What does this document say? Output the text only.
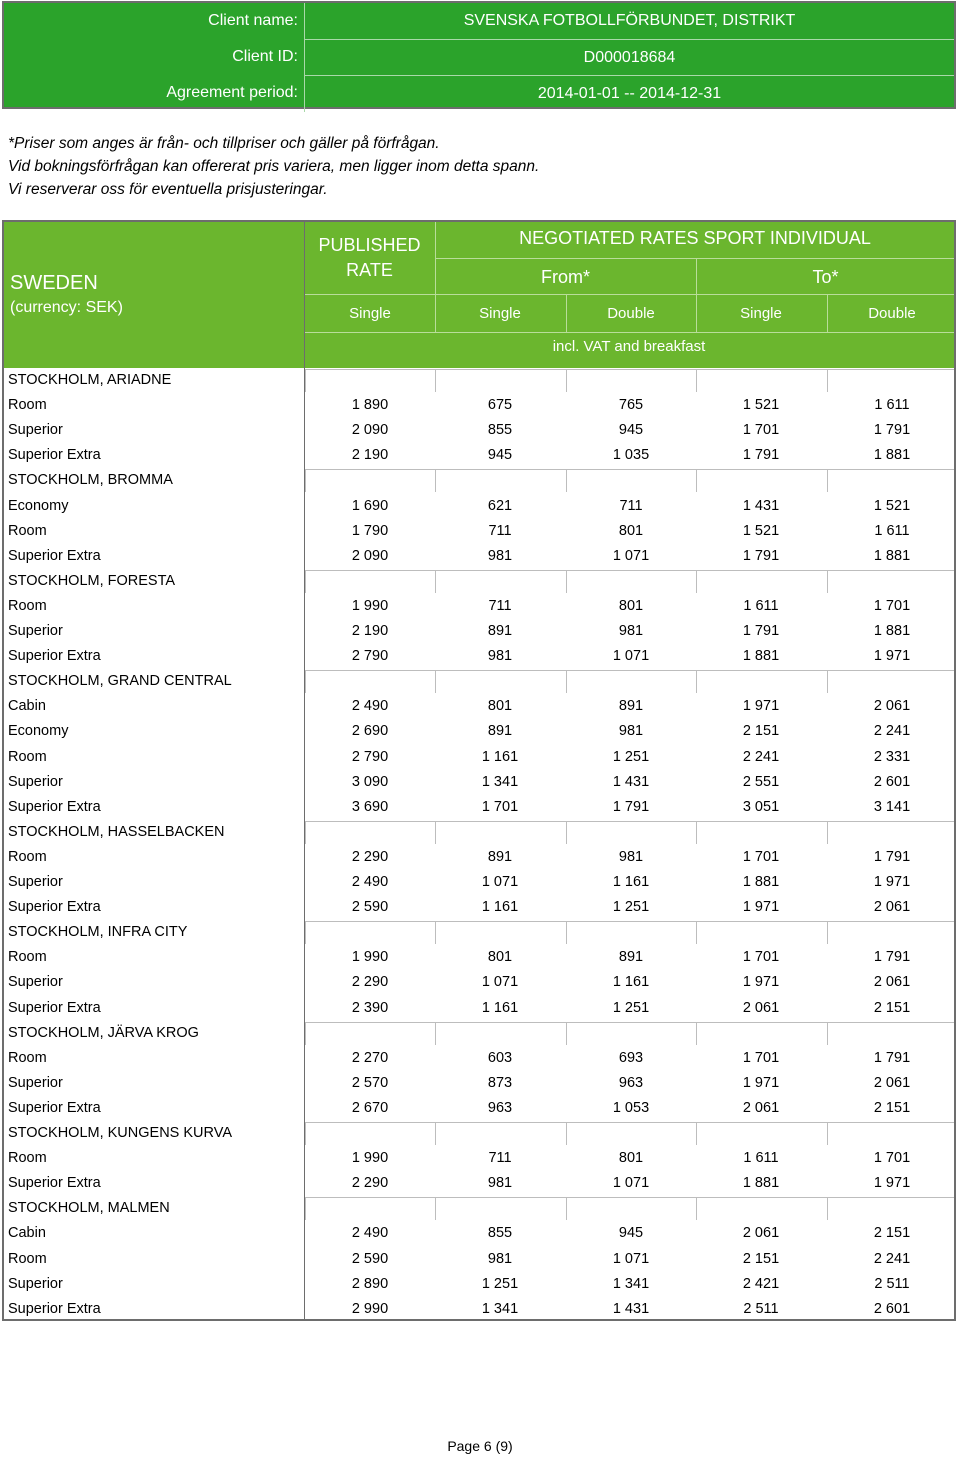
Client name:	SVENSKA FOTBOLLFÖRBUNDET, DISTRIKT
Client ID:	D000018684
Agreement period:	2014-01-01 -- 2014-12-31
*Priser som anges är från- och tillpriser och gäller på förfrågan.
Vid bokningsförfrågan kan offererat pris variera, men ligger inom detta spann.
Vi reserverar oss för eventuella prisjusteringar.
SWEDEN
(currency: SEK)
PUBLISHED
RATE
NEGOTIATED RATES SPORT INDIVIDUAL
From*	To*
Single	Single	Double	Single	Double
incl. VAT and breakfast
STOCKHOLM, ARIADNE
Room	1 890	675	765	1 521	1 611
Superior	2 090	855	945	1 701	1 791
Superior Extra	2 190	945	1 035	1 791	1 881
STOCKHOLM, BROMMA
Economy	1 690	621	711	1 431	1 521
Room	1 790	711	801	1 521	1 611
Superior Extra	2 090	981	1 071	1 791	1 881
STOCKHOLM, FORESTA
Room	1 990	711	801	1 611	1 701
Superior	2 190	891	981	1 791	1 881
Superior Extra	2 790	981	1 071	1 881	1 971
STOCKHOLM, GRAND CENTRAL
Cabin	2 490	801	891	1 971	2 061
Economy	2 690	891	981	2 151	2 241
Room	2 790	1 161	1 251	2 241	2 331
Superior	3 090	1 341	1 431	2 551	2 601
Superior Extra	3 690	1 701	1 791	3 051	3 141
STOCKHOLM, HASSELBACKEN
Room	2 290	891	981	1 701	1 791
Superior	2 490	1 071	1 161	1 881	1 971
Superior Extra	2 590	1 161	1 251	1 971	2 061
STOCKHOLM, INFRA CITY
Room	1 990	801	891	1 701	1 791
Superior	2 290	1 071	1 161	1 971	2 061
Superior Extra	2 390	1 161	1 251	2 061	2 151
STOCKHOLM, JÄRVA KROG
Room	2 270	603	693	1 701	1 791
Superior	2 570	873	963	1 971	2 061
Superior Extra	2 670	963	1 053	2 061	2 151
STOCKHOLM, KUNGENS KURVA
Room	1 990	711	801	1 611	1 701
Superior Extra	2 290	981	1 071	1 881	1 971
STOCKHOLM, MALMEN
Cabin	2 490	855	945	2 061	2 151
Room	2 590	981	1 071	2 151	2 241
Superior	2 890	1 251	1 341	2 421	2 511
Superior Extra	2 990	1 341	1 431	2 511	2 601
Page 6 (9)
